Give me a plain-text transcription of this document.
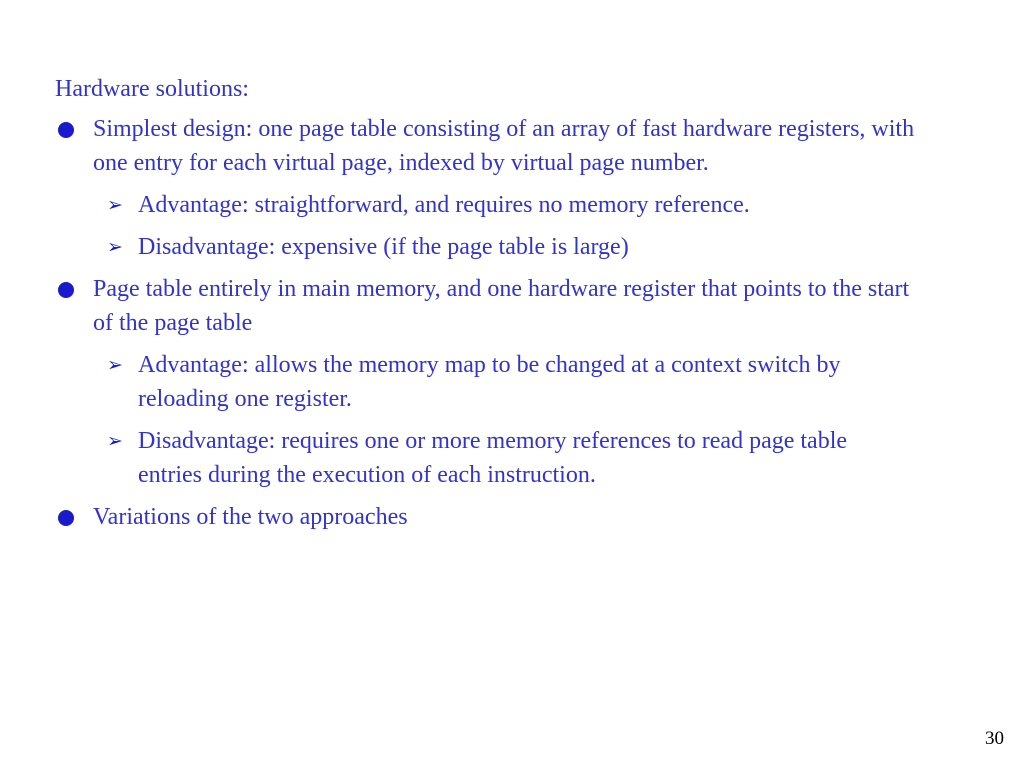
Hardware solutions:
Simplest design: one page table consisting of an array of fast hardware registers, with one entry for each virtual page, indexed by virtual page number.
➢ Advantage: straightforward, and requires no memory reference.
➢ Disadvantage: expensive (if the page table is large)
Page table entirely in main memory, and one hardware register that points to the start of the page table
➢ Advantage: allows the memory map to be changed at a context switch by reloading one register.
➢ Disadvantage: requires one or more memory references to read page table entries during the execution of each instruction.
Variations of the two approaches
30
